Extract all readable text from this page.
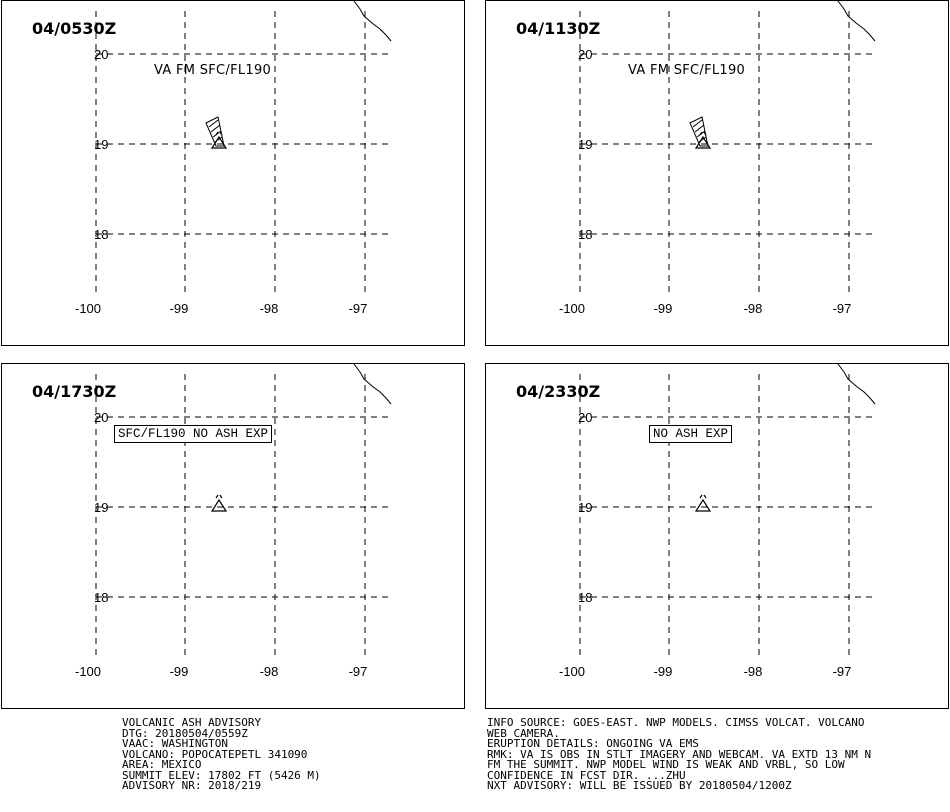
20
19
18
-100	-99	-98	-97
04/0530Z
VA FM SFC/FL190
20
19
18
-100	-99	-98	-97
04/1130Z
VA FM SFC/FL190
20
19
18
-100	-99	-98	-97
04/1730Z
SFC/FL190 NO ASH EXP
20
19
18
-100	-99	-98	-97
04/2330Z
NO ASH EXP
VOLCANIC ASH ADVISORY
DTG: 20180504/0559Z
VAAC: WASHINGTON
VOLCANO: POPOCATEPETL 341090
AREA: MEXICO
SUMMIT ELEV: 17802 FT (5426 M)
ADVISORY NR: 2018/219
INFO SOURCE: GOES-EAST. NWP MODELS. CIMSS VOLCAT. VOLCANO
WEB CAMERA.
ERUPTION DETAILS: ONGOING VA EMS
RMK: VA IS OBS IN STLT IMAGERY AND WEBCAM. VA EXTD 13 NM N
FM THE SUMMIT. NWP MODEL WIND IS WEAK AND VRBL, SO LOW
CONFIDENCE IN FCST DIR. ...ZHU
NXT ADVISORY: WILL BE ISSUED BY 20180504/1200Z
